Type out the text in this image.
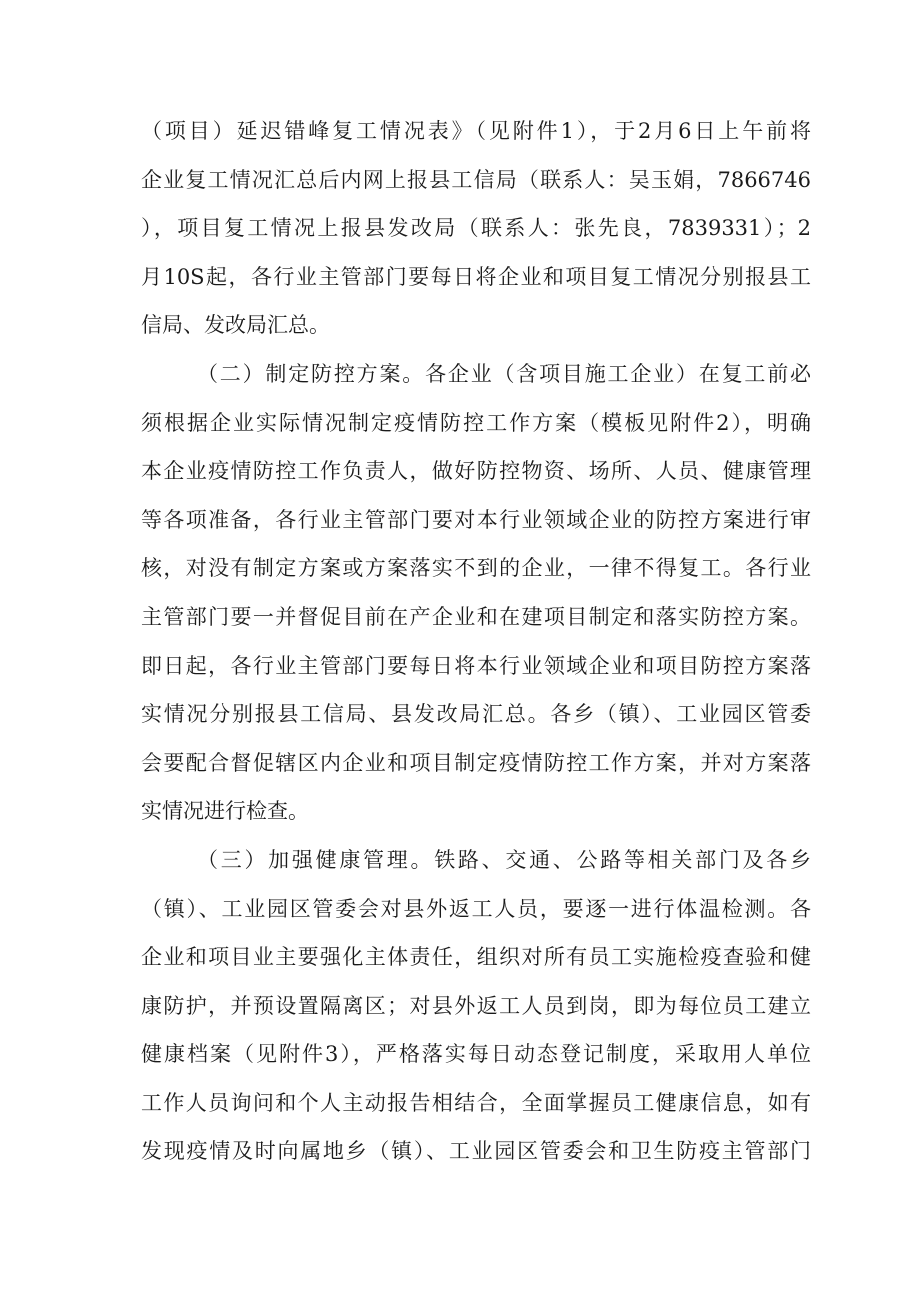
（项目）延迟错峰复工情况表》（见附件1），于2月6日上午前将
企业复工情况汇总后内网上报县工信局（联系人：吴玉娟，7866746
），项目复工情况上报县发改局（联系人：张先良，7839331）；2
月10S起，各行业主管部门要每日将企业和项目复工情况分别报县工
信局、发改局汇总。
（二）制定防控方案。各企业（含项目施工企业）在复工前必
须根据企业实际情况制定疫情防控工作方案（模板见附件2），明确
本企业疫情防控工作负责人，做好防控物资、场所、人员、健康管理
等各项准备，各行业主管部门要对本行业领域企业的防控方案进行审
核，对没有制定方案或方案落实不到的企业，一律不得复工。各行业
主管部门要一并督促目前在产企业和在建项目制定和落实防控方案。
即日起，各行业主管部门要每日将本行业领域企业和项目防控方案落
实情况分别报县工信局、县发改局汇总。各乡（镇）、工业园区管委
会要配合督促辖区内企业和项目制定疫情防控工作方案，并对方案落
实情况进行检查。
（三）加强健康管理。铁路、交通、公路等相关部门及各乡
（镇）、工业园区管委会对县外返工人员，要逐一进行体温检测。各
企业和项目业主要强化主体责任，组织对所有员工实施检疫查验和健
康防护，并预设置隔离区；对县外返工人员到岗，即为每位员工建立
健康档案（见附件3），严格落实每日动态登记制度，采取用人单位
工作人员询问和个人主动报告相结合，全面掌握员工健康信息，如有
发现疫情及时向属地乡（镇）、工业园区管委会和卫生防疫主管部门
